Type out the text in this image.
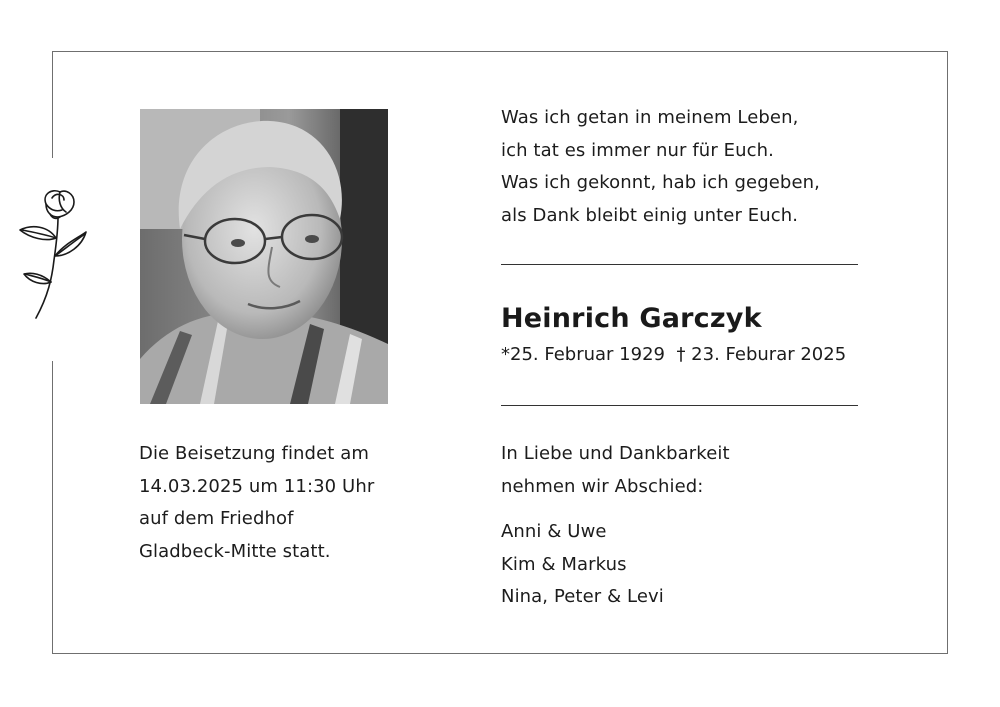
Was ich getan in meinem Leben,
ich tat es immer nur für Euch.
Was ich gekonnt, hab ich gegeben,
als Dank bleibt einig unter Euch.
Heinrich Garczyk
*25. Februar 1929 † 23. Feburar 2025
Die Beisetzung findet am
14.03.2025 um 11:30 Uhr
auf dem Friedhof
Gladbeck-Mitte statt.
In Liebe und Dankbarkeit
nehmen wir Abschied:
Anni & Uwe
Kim & Markus
Nina, Peter & Levi
